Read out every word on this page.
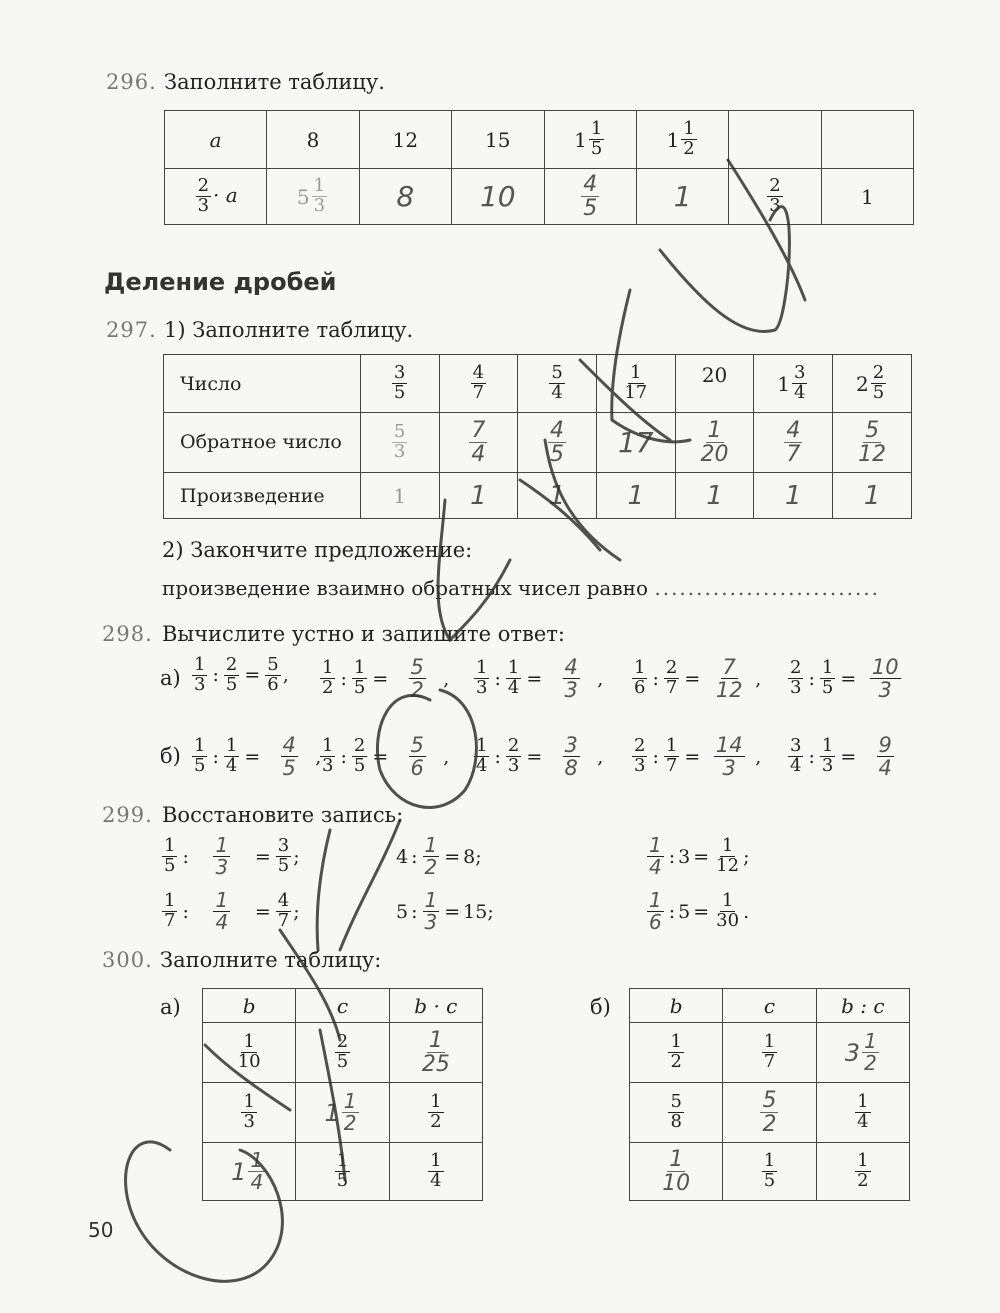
296. Заполните таблицу.
a	8	12	15	$1 \frac{1}{5}$	$1 \frac{1}{2}$

$\frac{2}{3} \cdot a$	$5 \frac{1}{3}$	8	10	$\frac{4}{5}$	1	$\frac{2}{3}$	1
Деление дробей
297. 1) Заполните таблицу.
Число	$\frac{3}{5}$	$\frac{4}{7}$	$\frac{5}{4}$	$\frac{1}{17}$	20	$1 \frac{3}{4}$	$2 \frac{2}{5}$

Обратное число	$\frac{5}{3}$	$\frac{7}{4}$	$\frac{4}{5}$	17	$\frac{1}{20}$	$\frac{4}{7}$	$\frac{5}{12}$

Произведение	1	1	1	1	1	1	1
2) Закончите предложение:
произведение взаимно обратных чисел равно ...........................
298. Вычислите устно и запишите ответ:
а)
б)
$\frac{1}{3}$ : $\frac{2}{5} = \frac{5}{6}$ , $\frac{1}{2}$ : $\frac{1}{5} = \frac{5}{2}$ , $\frac{1}{3}$ : $\frac{1}{4} = \frac{4}{3}$ , $\frac{1}{6}$ : $\frac{2}{7} = \frac{7}{12}$ , $\frac{2}{3}$ : $\frac{1}{5} = \frac{10}{3}$
$\frac{1}{5}$ : $\frac{1}{4} = \frac{4}{5}$ ,
$\frac{1}{3}$ : $\frac{2}{5} = \frac{5}{6}$ , $\frac{1}{4}$ : $\frac{2}{3} = \frac{3}{8}$ , $\frac{2}{3}$ : $\frac{1}{7} = \frac{14}{3}$ , $\frac{3}{4}$ : $\frac{1}{3} = \frac{9}{4}$
299. Восстановите запись:
$\frac{1}{5}$ : $\frac{1}{3} = \frac{3}{5}$ ;
$\frac{1}{7}$ : $\frac{1}{4} = \frac{4}{7}$ ;
4 : $\frac{1}{2} = 8$;
5 : $\frac{1}{3} = 15$;
$\frac{1}{4}$ : $3 = \frac{1}{12}$ ;
$\frac{1}{6}$ : $5 = \frac{1}{30}$ .
300. Заполните таблицу:
а)	б)
b	c	b · c

$\frac{1}{10}$	$\frac{2}{5}$	$\frac{1}{25}$

$\frac{1}{3}$	$1 \frac{1}{2}$	$\frac{1}{2}$

$1 \frac{1}{4}$	$\frac{1}{5}$	$\frac{1}{4}$
b	c	b : c

$\frac{1}{2}$	$\frac{1}{7}$	$3 \frac{1}{2}$

$\frac{5}{8}$	$\frac{5}{2}$	$\frac{1}{4}$

$\frac{1}{10}$	$\frac{1}{5}$	$\frac{1}{2}$
50
